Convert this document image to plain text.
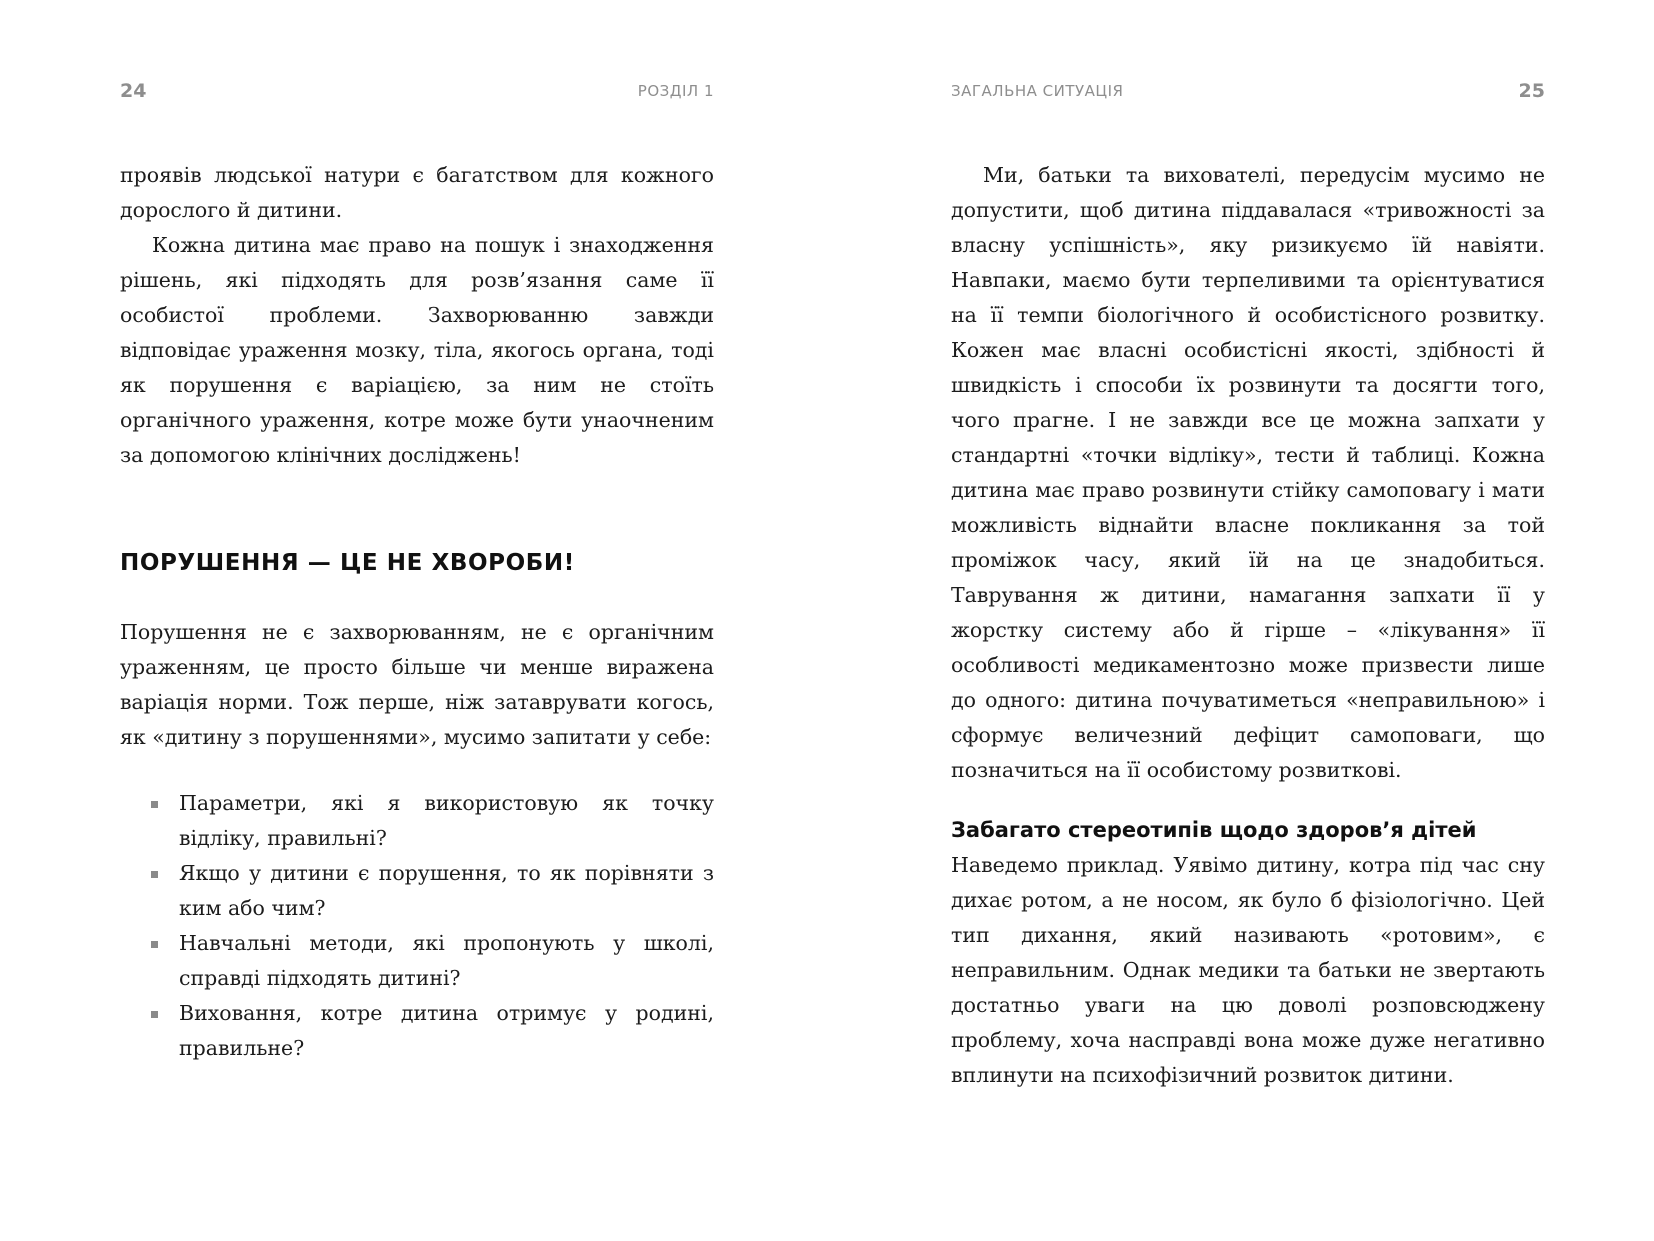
24	РОЗДІЛ 1

проявів людської натури є багатством для кожного дорослого й дитини.

Кожна дитина має право на пошук і знаходження рішень, які підходять для розв’язання саме її особистої проблеми. Захворюванню завжди відповідає ураження мозку, тіла, якогось органа, тоді як порушення є варіацією, за ним не стоїть органічного ураження, котре може бути унаочненим за допомогою клінічних досліджень!

ПОРУШЕННЯ — ЦЕ НЕ ХВОРОБИ!

Порушення не є захворюванням, не є органічним ураженням, це просто більше чи менше виражена варіація норми. Тож перше, ніж затаврувати когось, як «дитину з порушеннями», мусимо запитати у себе:

Параметри, які я використовую як точку відліку, правильні?
Якщо у дитини є порушення, то як порівняти з ким або чим?
Навчальні методи, які пропонують у школі, справді підходять дитині?
Виховання, котре дитина отримує у родині, правильне?
ЗАГАЛЬНА СИТУАЦІЯ	25

Ми, батьки та вихователі, передусім мусимо не допустити, щоб дитина піддавалася «тривожності за власну успішність», яку ризикуємо їй навіяти. Навпаки, маємо бути терпеливими та орієнтуватися на її темпи біологічного й особистісного розвитку. Кожен має власні особистісні якості, здібності й швидкість і способи їх розвинути та досягти того, чого прагне. І не завжди все це можна запхати у стандартні «точки відліку», тести й таблиці. Кожна дитина має право розвинути стійку самоповагу і мати можливість віднайти власне покликання за той проміжок часу, який їй на це знадобиться. Таврування ж дитини, намагання запхати її у жорстку систему або й гірше – «лікування» її особливості медикаментозно може призвести лише до одного: дитина почуватиметься «неправильною» і сформує величезний дефіцит самоповаги, що позначиться на її особистому розвиткові.

Забагато стереотипів щодо здоров’я дітей

Наведемо приклад. Уявімо дитину, котра під час сну дихає ротом, а не носом, як було б фізіологічно. Цей тип дихання, який називають «ротовим», є неправильним. Однак медики та батьки не звертають достатньо уваги на цю доволі розповсюджену проблему, хоча насправді вона може дуже негативно вплинути на психофізичний розвиток дитини.
